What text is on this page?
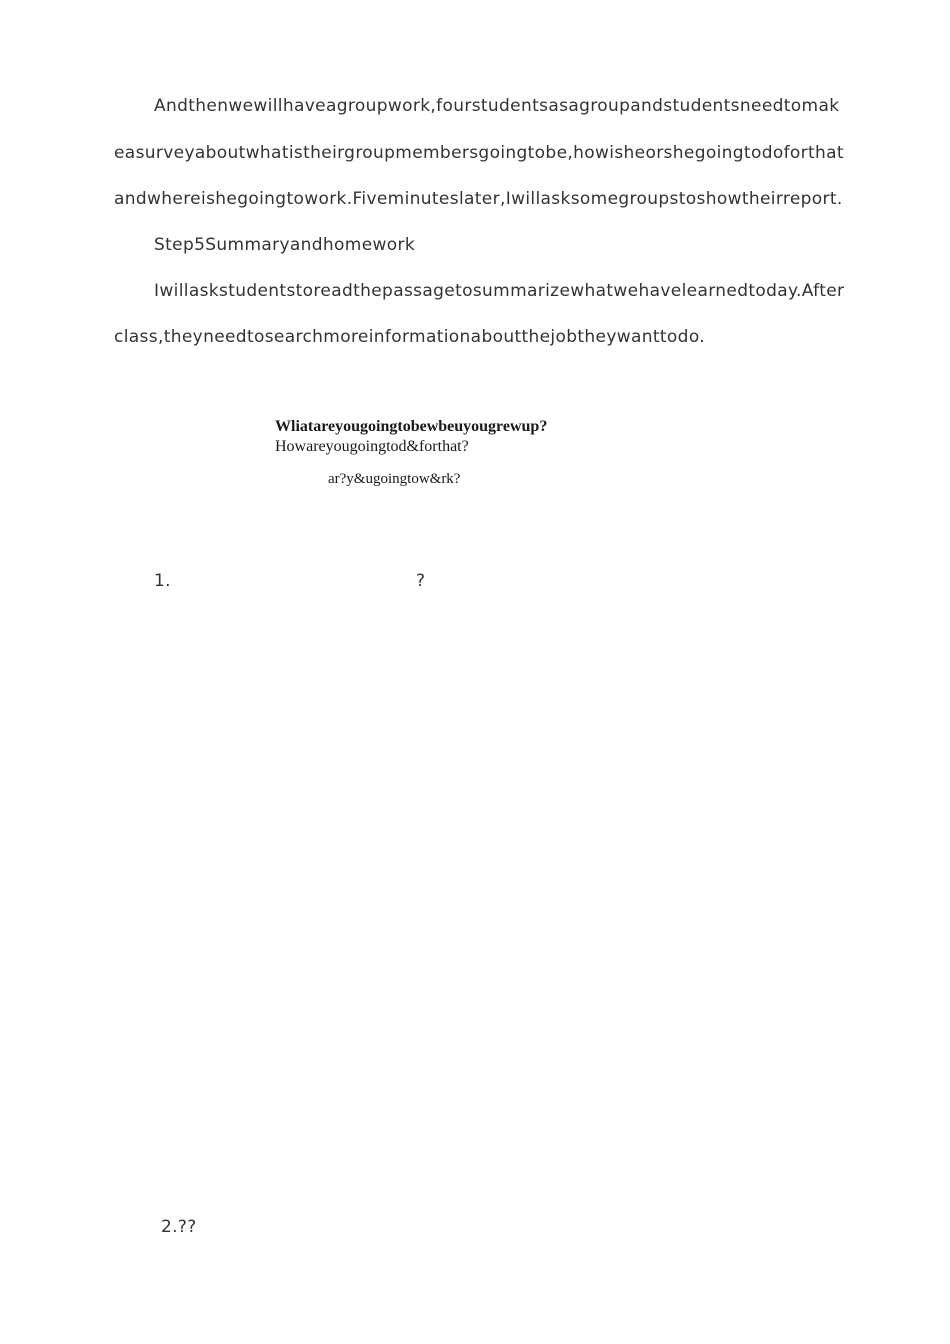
Andthenwewillhaveagroupwork,fourstudentsasagroupandstudentsneedtomak
easurveyaboutwhatistheirgroupmembersgoingtobe,howisheorshegoingtodoforthat
andwhereishegoingtowork.Fiveminuteslater,Iwillasksomegroupstoshowtheirreport.
Step5Summaryandhomework
Iwillaskstudentstoreadthepassagetosummarizewhatwehavelearnedtoday.After
class,theyneedtosearchmoreinformationaboutthejobtheywanttodo.
Wliatareyougoingtobewbeuyougrewup?
Howareyougoingtod&forthat?
ar?y&ugoingtow&rk?
1.	?
2.??
